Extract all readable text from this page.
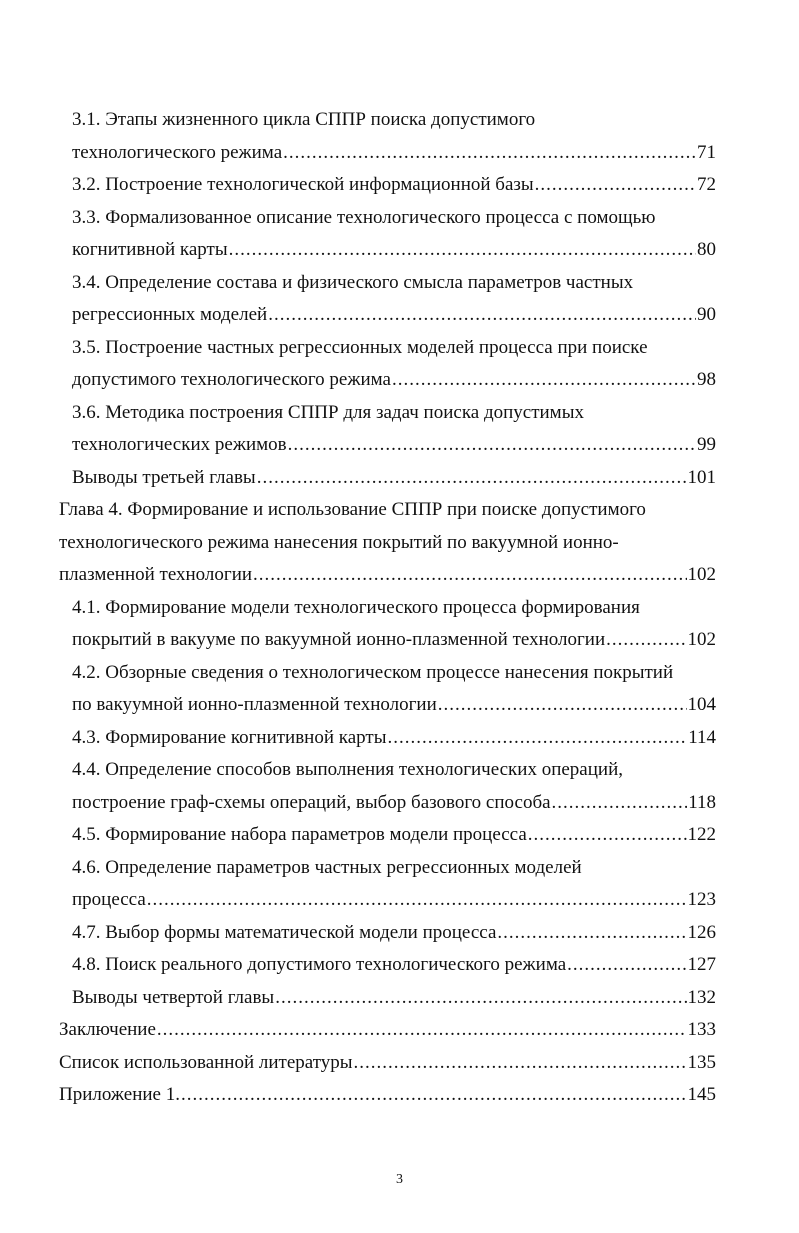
3.1. Этапы жизненного цикла СППР поиска допустимого
технологического режима .....	71
3.2. Построение технологической информационной базы .....	72
3.3. Формализованное описание технологического процесса с помощью
когнитивной карты .....	80
3.4. Определение состава и физического смысла параметров частных
регрессионных моделей .....	90
3.5. Построение частных регрессионных моделей процесса при поиске
допустимого технологического режима .....	98
3.6. Методика построения СППР для задач поиска допустимых
технологических режимов .....	99
Выводы третьей главы .....	101
Глава 4. Формирование и использование СППР при поиске допустимого
технологического режима нанесения покрытий по вакуумной ионно-
плазменной технологии .....	102
4.1. Формирование модели технологического процесса формирования
покрытий в вакууме по вакуумной ионно-плазменной технологии .....	102
4.2. Обзорные сведения о технологическом процессе нанесения покрытий
по вакуумной ионно-плазменной технологии .....	104
4.3. Формирование когнитивной карты .....	114
4.4. Определение способов выполнения технологических операций,
построение граф-схемы операций, выбор базового способа .....	118
4.5. Формирование набора параметров модели процесса .....	122
4.6. Определение параметров частных регрессионных моделей
процесса .....	123
4.7. Выбор формы математической модели процесса .....	126
4.8. Поиск реального допустимого технологического режима .....	127
Выводы четвертой главы .....	132
Заключение .....	133
Список использованной литературы .....	135
Приложение 1. .....	145
3
